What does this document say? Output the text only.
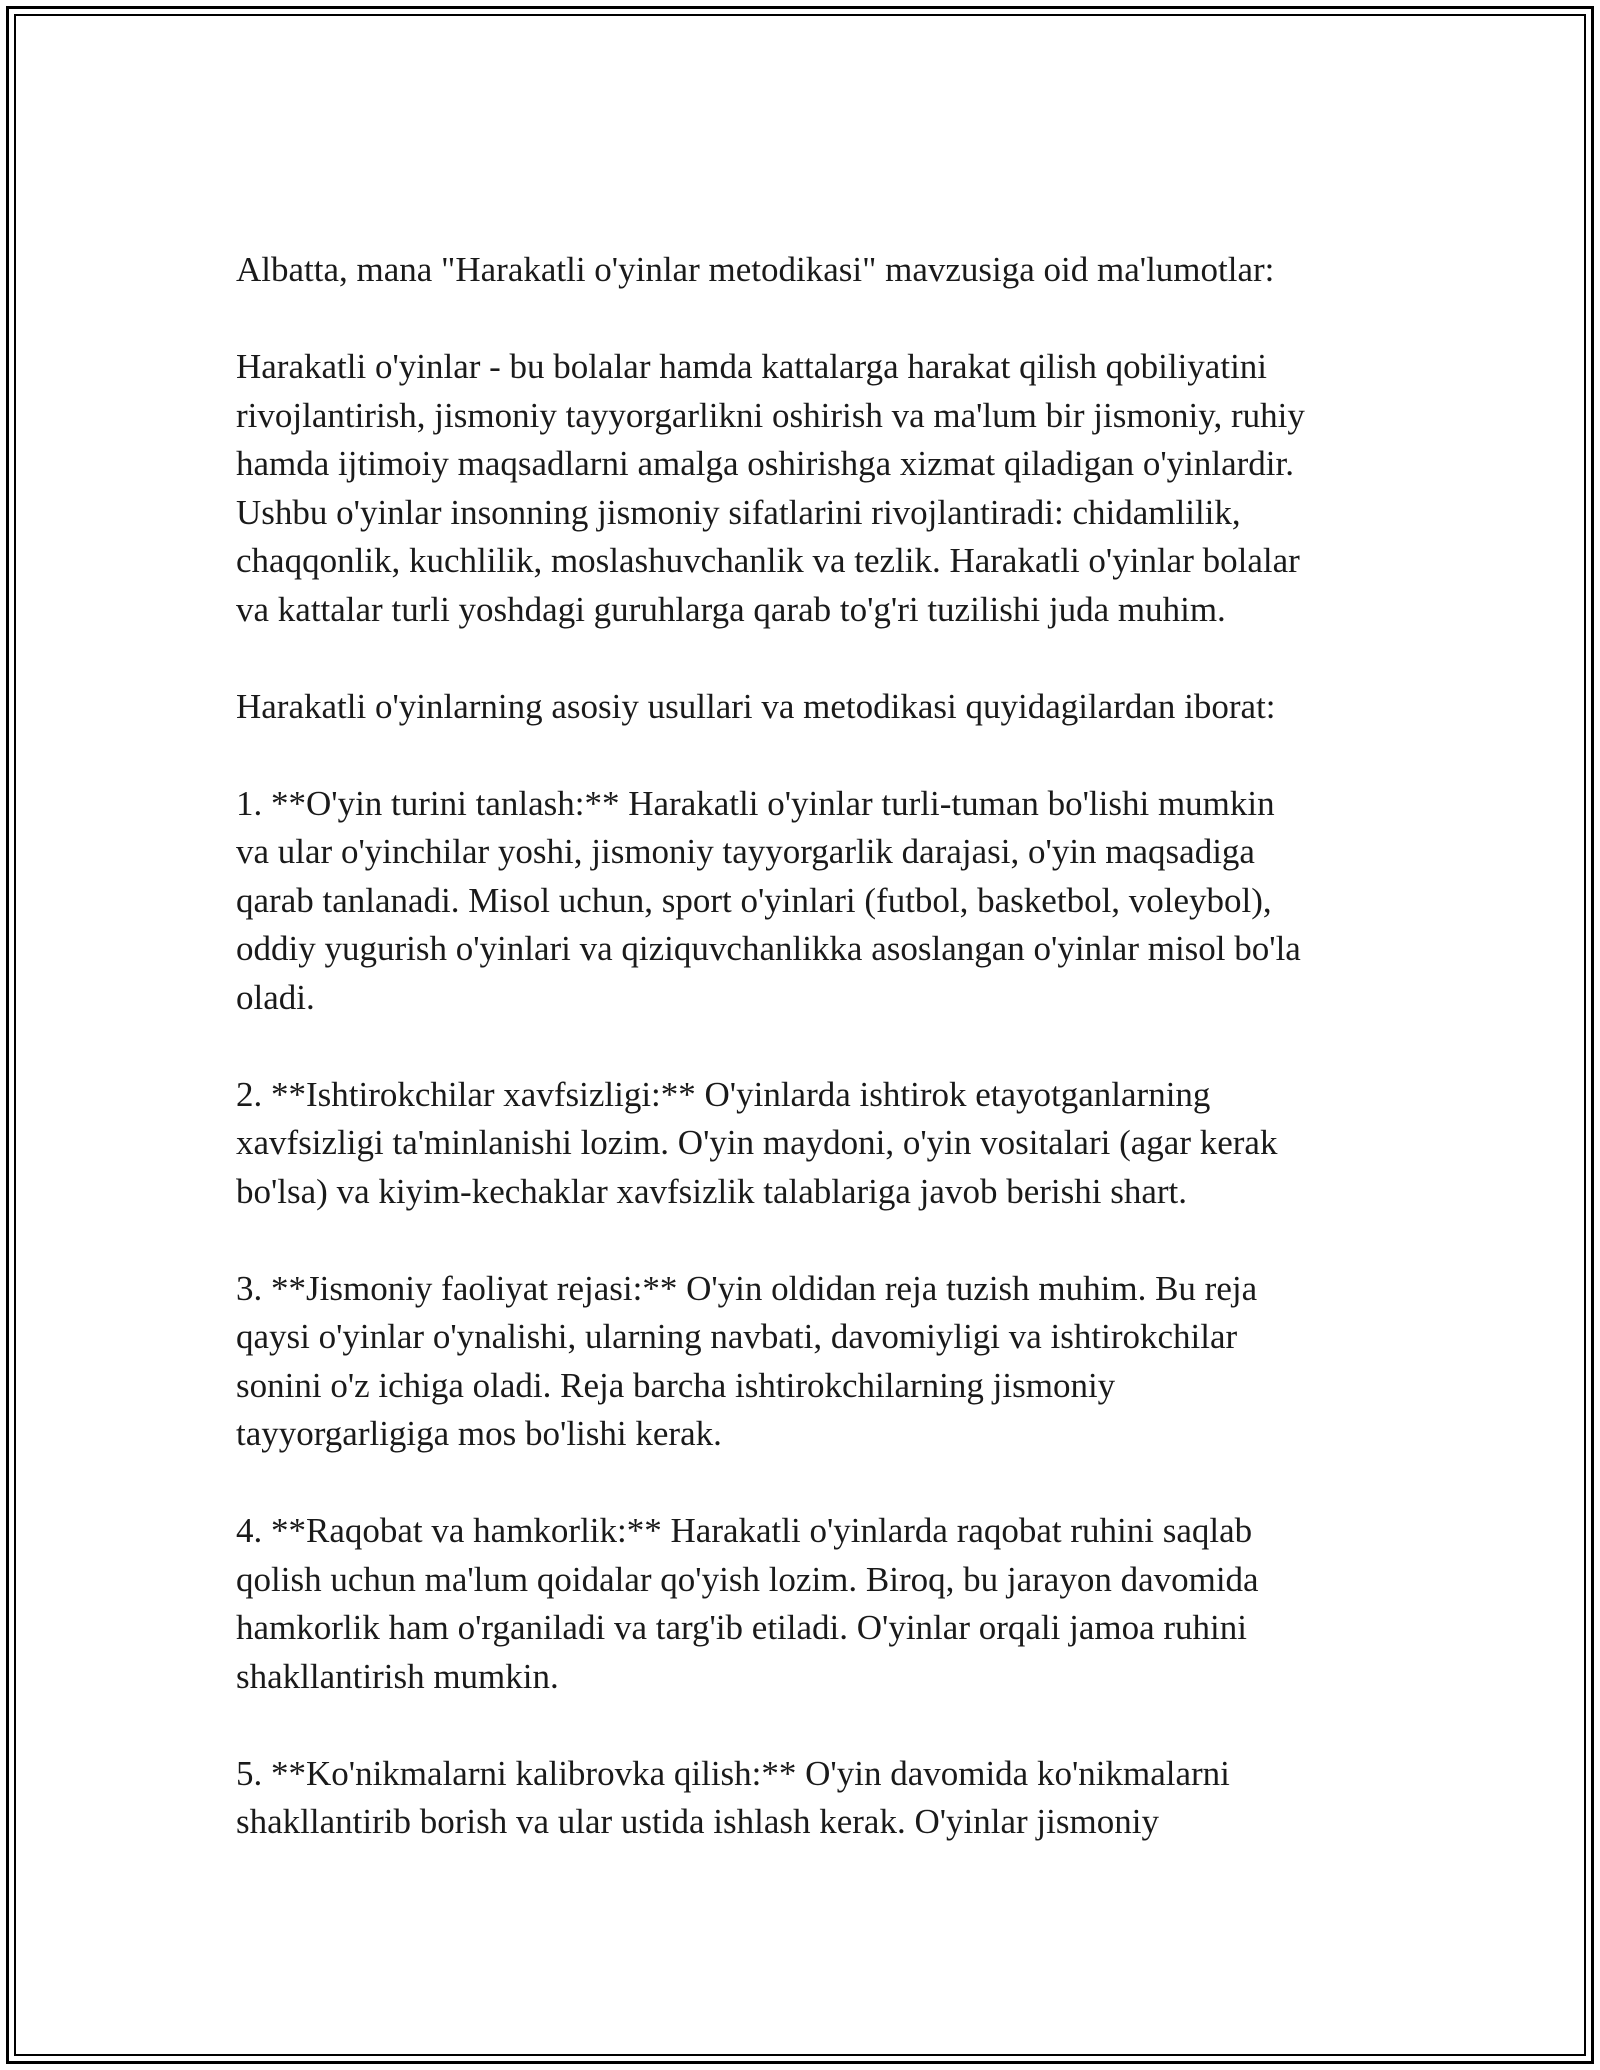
Albatta, mana "Harakatli o'yinlar metodikasi" mavzusiga oid ma'lumotlar:

Harakatli o'yinlar - bu bolalar hamda kattalarga harakat qilish qobiliyatini
rivojlantirish, jismoniy tayyorgarlikni oshirish va ma'lum bir jismoniy, ruhiy
hamda ijtimoiy maqsadlarni amalga oshirishga xizmat qiladigan o'yinlardir.
Ushbu o'yinlar insonning jismoniy sifatlarini rivojlantiradi: chidamlilik,
chaqqonlik, kuchlilik, moslashuvchanlik va tezlik. Harakatli o'yinlar bolalar
va kattalar turli yoshdagi guruhlarga qarab to'g'ri tuzilishi juda muhim.

Harakatli o'yinlarning asosiy usullari va metodikasi quyidagilardan iborat:

1. **O'yin turini tanlash:** Harakatli o'yinlar turli-tuman bo'lishi mumkin
va ular o'yinchilar yoshi, jismoniy tayyorgarlik darajasi, o'yin maqsadiga
qarab tanlanadi. Misol uchun, sport o'yinlari (futbol, basketbol, voleybol),
oddiy yugurish o'yinlari va qiziquvchanlikka asoslangan o'yinlar misol bo'la
oladi.

2. **Ishtirokchilar xavfsizligi:** O'yinlarda ishtirok etayotganlarning
xavfsizligi ta'minlanishi lozim. O'yin maydoni, o'yin vositalari (agar kerak
bo'lsa) va kiyim-kechaklar xavfsizlik talablariga javob berishi shart.

3. **Jismoniy faoliyat rejasi:** O'yin oldidan reja tuzish muhim. Bu reja
qaysi o'yinlar o'ynalishi, ularning navbati, davomiyligi va ishtirokchilar
sonini o'z ichiga oladi. Reja barcha ishtirokchilarning jismoniy
tayyorgarligiga mos bo'lishi kerak.

4. **Raqobat va hamkorlik:** Harakatli o'yinlarda raqobat ruhini saqlab
qolish uchun ma'lum qoidalar qo'yish lozim. Biroq, bu jarayon davomida
hamkorlik ham o'rganiladi va targ'ib etiladi. O'yinlar orqali jamoa ruhini
shakllantirish mumkin.

5. **Ko'nikmalarni kalibrovka qilish:** O'yin davomida ko'nikmalarni
shakllantirib borish va ular ustida ishlash kerak. O'yinlar jismoniy
